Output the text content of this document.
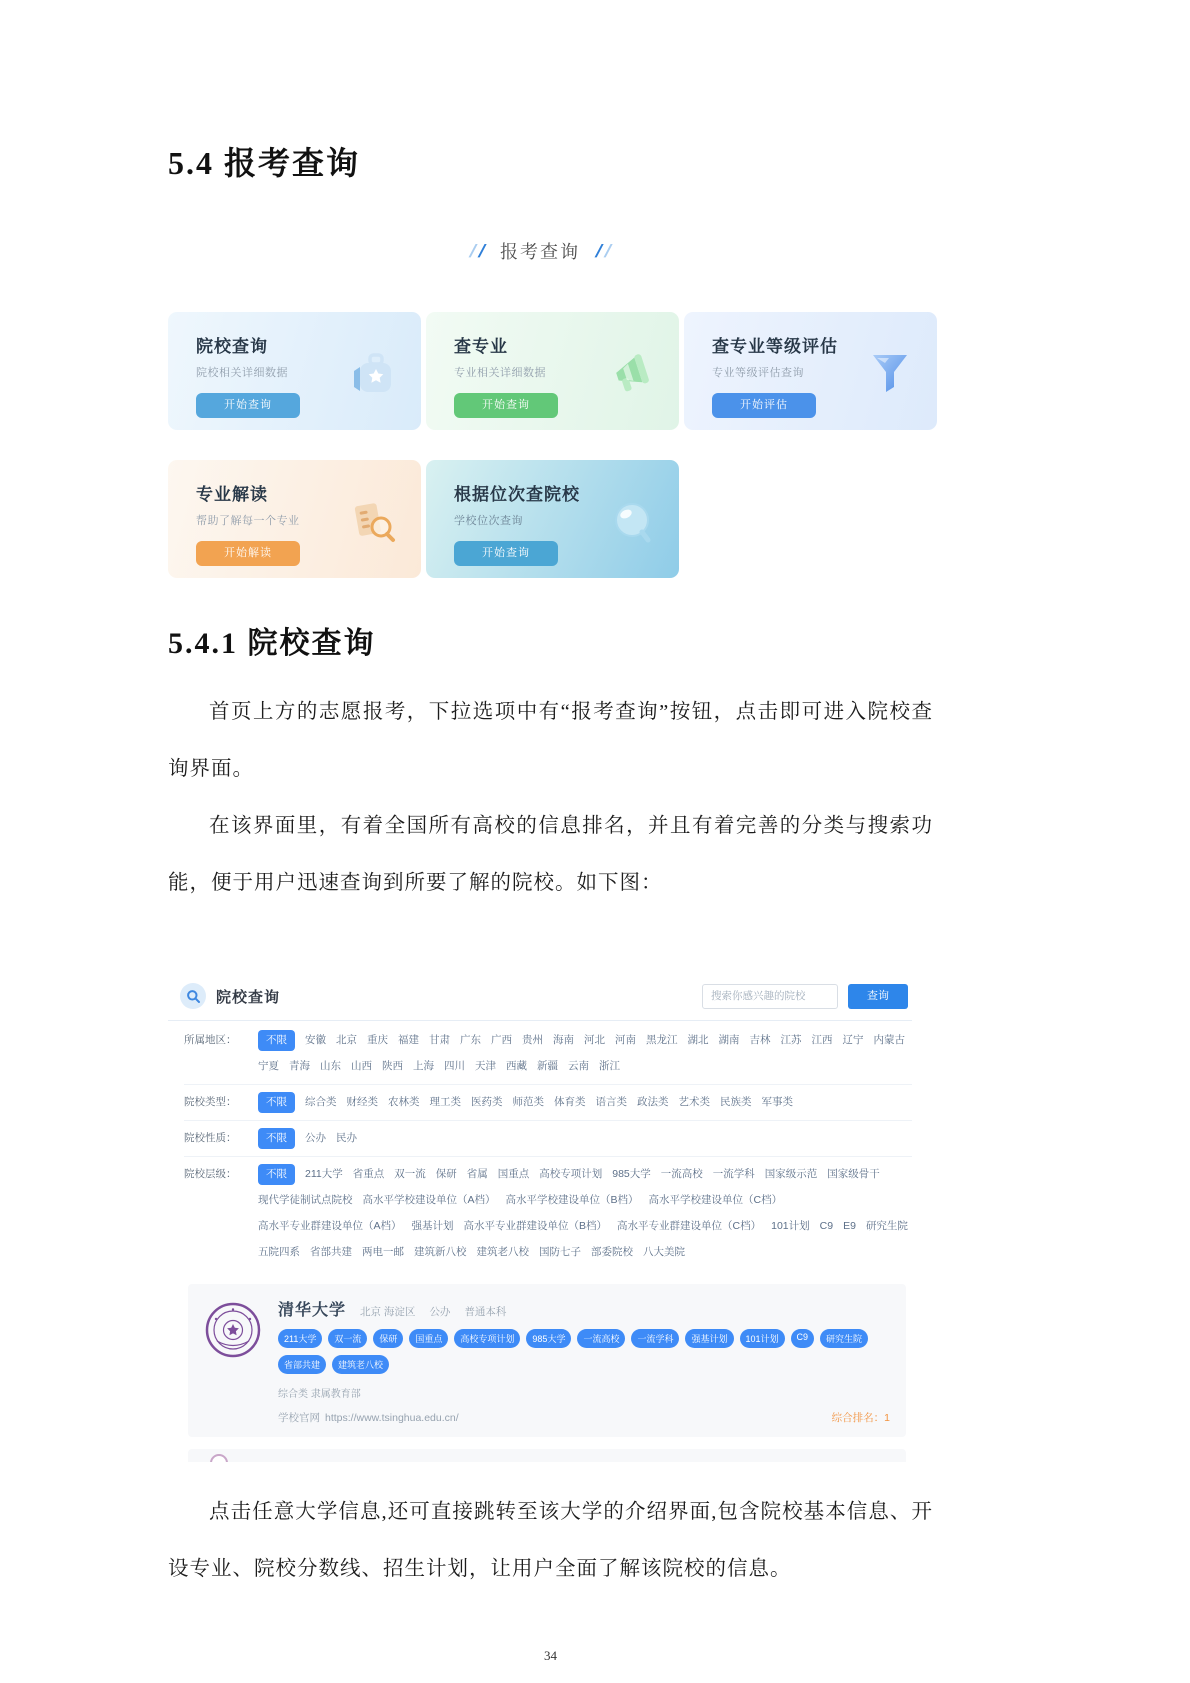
5.4 报考查询
/ / 报考查询 / /
院校查询
院校相关详细数据
开始查询
查专业
专业相关详细数据
开始查询
查专业等级评估
专业等级评估查询
开始评估
专业解读
帮助了解每一个专业
开始解读
根据位次查院校
学校位次查询
开始查询
5.4.1 院校查询

首页上方的志愿报考，下拉选项中有“报考查询”按钮，点击即可进入院校查询界面。

在该界面里，有着全国所有高校的信息排名，并且有着完善的分类与搜索功能，便于用户迅速查询到所要了解的院校。如下图：

院校查询
搜索你感兴趣的院校	查询
所属地区：	不限	安徽 北京 重庆 福建 甘肃 广东 广西 贵州 海南 河北 河南 黑龙江 湖北 湖南 吉林 江苏 江西 辽宁 内蒙古
宁夏 青海 山东 山西 陕西 上海 四川 天津 西藏 新疆 云南 浙江
院校类型：	不限	综合类 财经类 农林类 理工类 医药类 师范类 体育类 语言类 政法类 艺术类 民族类 军事类
院校性质：	不限	公办 民办
院校层级：	不限	211大学 省重点 双一流 保研 省属 国重点 高校专项计划 985大学 一流高校 一流学科 国家级示范 国家级骨干
现代学徒制试点院校 高水平学校建设单位（A档） 高水平学校建设单位（B档） 高水平学校建设单位（C档）
高水平专业群建设单位（A档） 强基计划 高水平专业群建设单位（B档） 高水平专业群建设单位（C档） 101计划 C9 E9 研究生院
五院四系 省部共建 两电一邮 建筑新八校 建筑老八校 国防七子 部委院校 八大美院
清华大学 北京 海淀区 公办 普通本科
211大学	双一流	保研	国重点	高校专项计划	985大学	一流高校	一流学科	强基计划	101计划	C9	研究生院
省部共建	建筑老八校
综合类 隶属教育部
学校官网 https://www.tsinghua.edu.cn/	综合排名：1

点击任意大学信息,还可直接跳转至该大学的介绍界面,包含院校基本信息、开设专业、院校分数线、招生计划，让用户全面了解该院校的信息。

34
